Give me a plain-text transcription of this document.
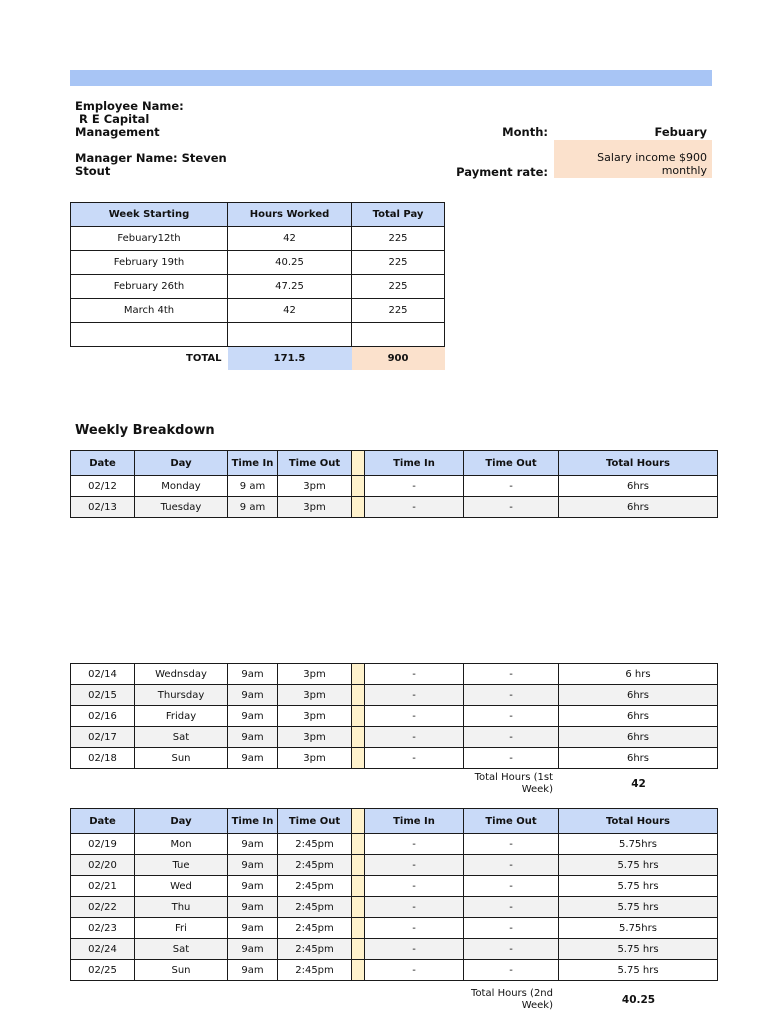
Employee Name:
R E Capital
Management	Month:	Febuary
Manager Name: Steven
Stout	Payment rate:
Salary income $900
monthly
Week Starting	Hours Worked	Total Pay
Febuary12th	42	225
February 19th	40.25	225
February 26th	47.25	225
March 4th	42	225

TOTAL	171.5	900
Weekly Breakdown
Date	Day	Time In	Time Out		Time In	Time Out	Total Hours
02/12	Monday	9 am	3pm		-	-	6hrs
02/13	Tuesday	9 am	3pm		-	-	6hrs
02/14	Wednsday	9am	3pm		-	-	6 hrs
02/15	Thursday	9am	3pm		-	-	6hrs
02/16	Friday	9am	3pm		-	-	6hrs
02/17	Sat	9am	3pm		-	-	6hrs
02/18	Sun	9am	3pm		-	-	6hrs
Total Hours (1st
Week)	42
Date	Day	Time In	Time Out		Time In	Time Out	Total Hours
02/19	Mon	9am	2:45pm		-	-	5.75hrs
02/20	Tue	9am	2:45pm		-	-	5.75 hrs
02/21	Wed	9am	2:45pm		-	-	5.75 hrs
02/22	Thu	9am	2:45pm		-	-	5.75 hrs
02/23	Fri	9am	2:45pm		-	-	5.75hrs
02/24	Sat	9am	2:45pm		-	-	5.75 hrs
02/25	Sun	9am	2:45pm		-	-	5.75 hrs
Total Hours (2nd
Week)	40.25
